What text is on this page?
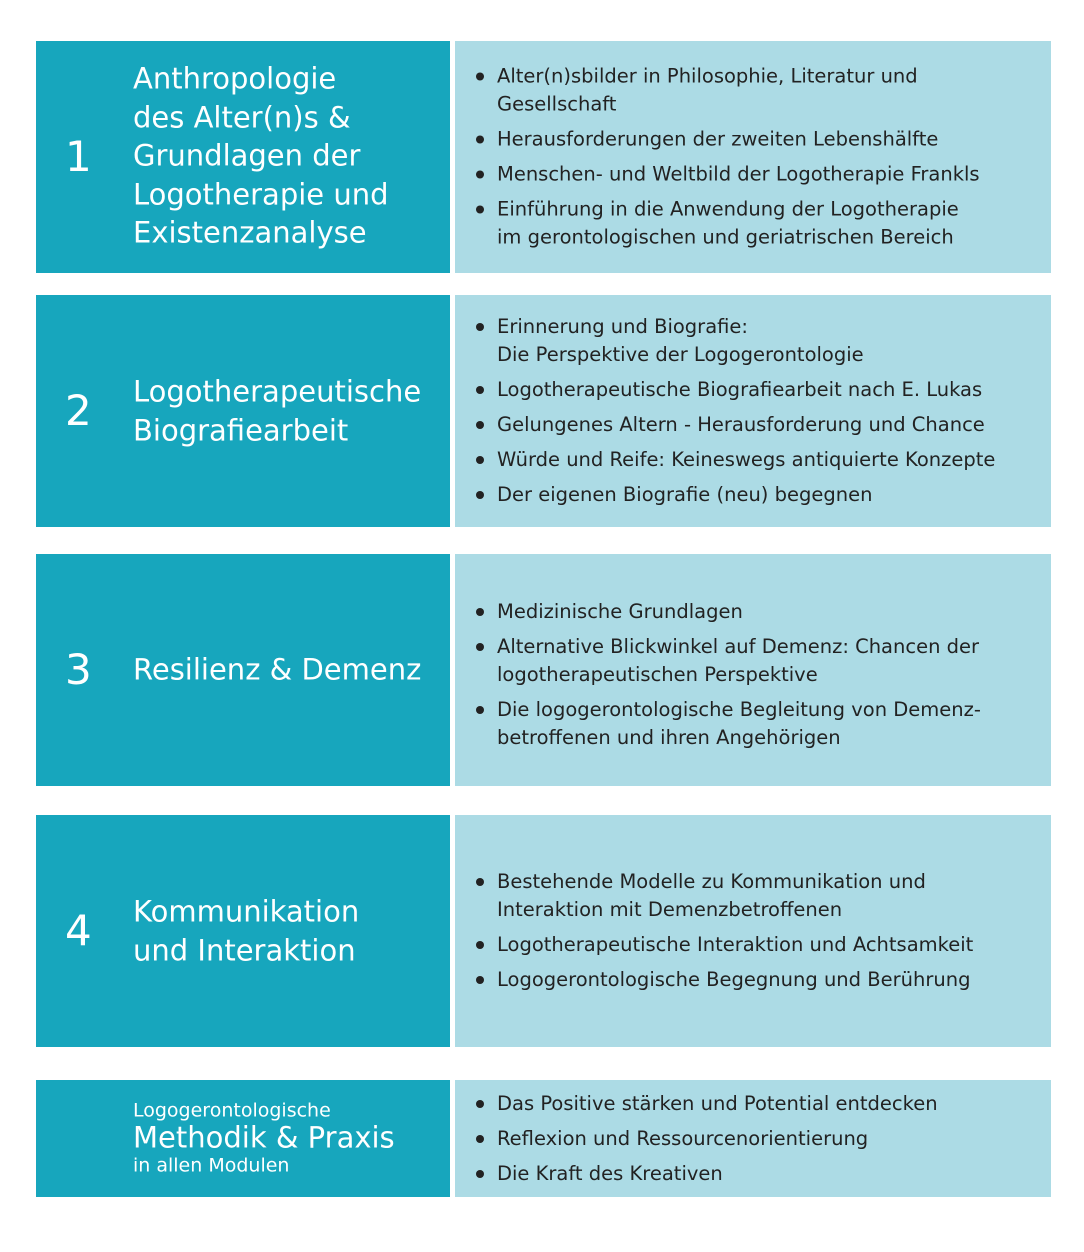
1
Anthropologie
des Alter(n)s &
Grundlagen der
Logotherapie und
Existenzanalyse
Alter(n)sbilder in Philosophie, Literatur und
Gesellschaft
Herausforderungen der zweiten Lebenshälfte
Menschen- und Weltbild der Logotherapie Frankls
Einführung in die Anwendung der Logotherapie
im gerontologischen und geriatrischen Bereich
2 Logotherapeutische
Biografiearbeit
Erinnerung und Biografie:
Die Perspektive der Logogerontologie
Logotherapeutische Biografiearbeit nach E. Lukas
Gelungenes Altern - Herausforderung und Chance
Würde und Reife: Keineswegs antiquierte Konzepte
Der eigenen Biografie (neu) begegnen
3 Resilienz & Demenz
Medizinische Grundlagen
Alternative Blickwinkel auf Demenz: Chancen der
logotherapeutischen Perspektive
Die logogerontologische Begleitung von Demenz-
betroffenen und ihren Angehörigen
4 Kommunikation
und Interaktion
Bestehende Modelle zu Kommunikation und
Interaktion mit Demenzbetroffenen
Logotherapeutische Interaktion und Achtsamkeit
Logogerontologische Begegnung und Berührung
Logogerontologische
Methodik & Praxis
in allen Modulen
Das Positive stärken und Potential entdecken
Reflexion und Ressourcenorientierung
Die Kraft des Kreativen
